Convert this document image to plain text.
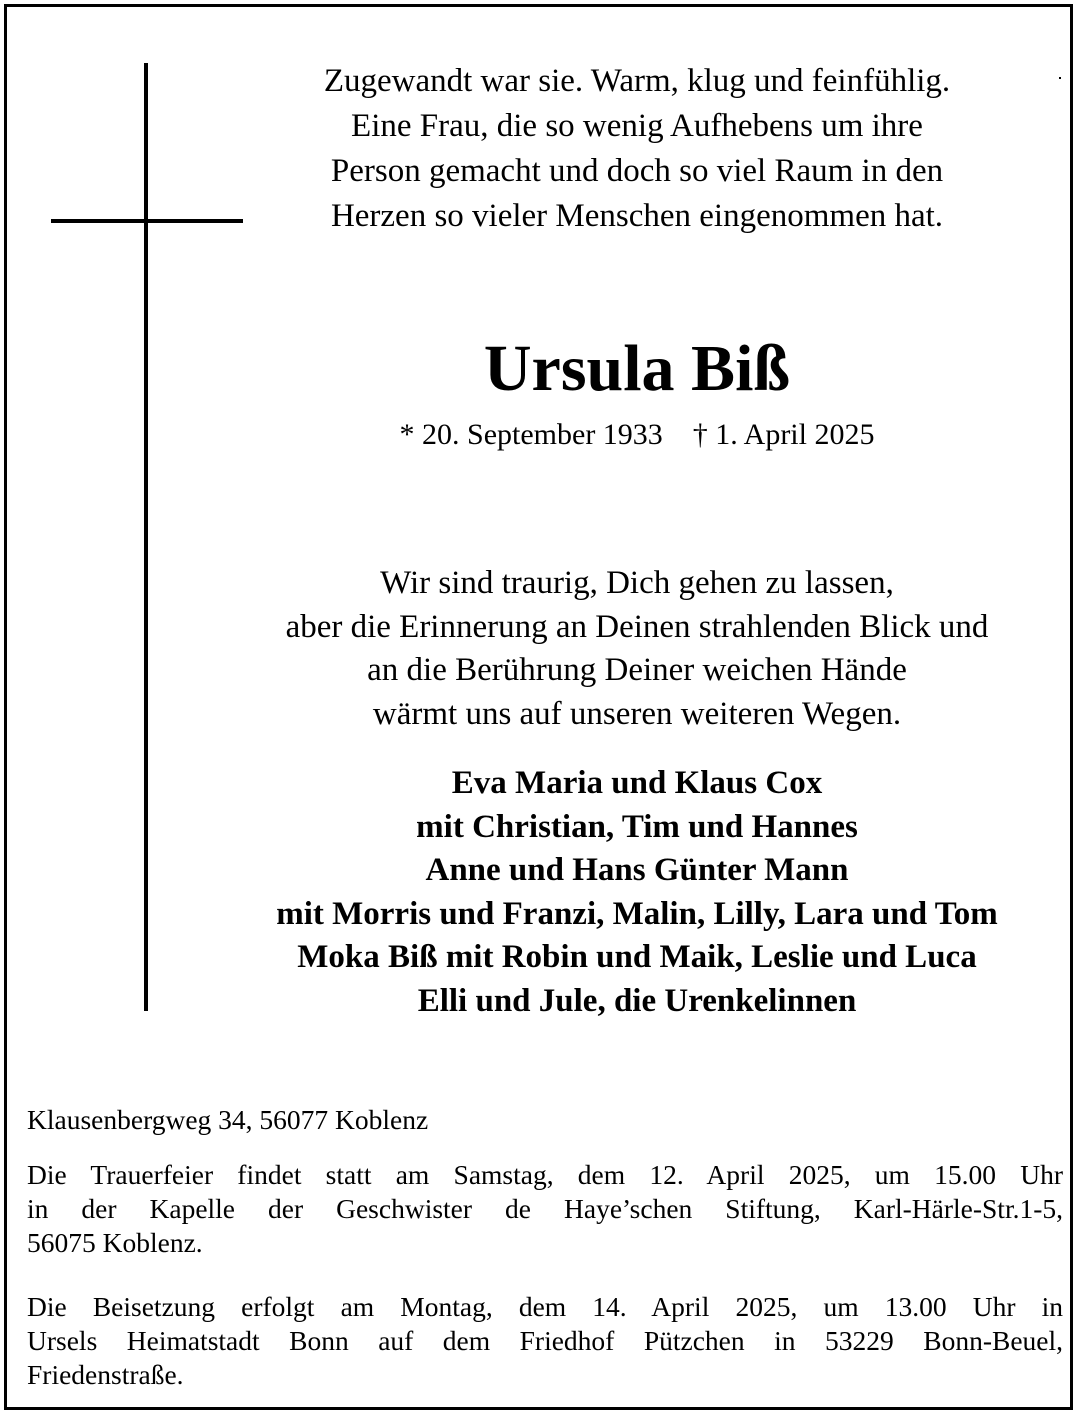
Zugewandt war sie. Warm, klug und feinfühlig.
Eine Frau, die so wenig Aufhebens um ihre
Person gemacht und doch so viel Raum in den
Herzen so vieler Menschen eingenommen hat.
Ursula Biß
* 20. September 1933    † 1. April 2025
Wir sind traurig, Dich gehen zu lassen,
aber die Erinnerung an Deinen strahlenden Blick und
an die Berührung Deiner weichen Hände
wärmt uns auf unseren weiteren Wegen.
Eva Maria und Klaus Cox
mit Christian, Tim und Hannes
Anne und Hans Günter Mann
mit Morris und Franzi, Malin, Lilly, Lara und Tom
Moka Biß mit Robin und Maik, Leslie und Luca
Elli und Jule, die Urenkelinnen
Klausenbergweg 34, 56077 Koblenz
Die Trauerfeier findet statt am Samstag, dem 12. April 2025, um 15.00 Uhr
in der Kapelle der Geschwister de Haye’schen Stiftung, Karl-Härle-Str.1-5,
56075 Koblenz.
Die Beisetzung erfolgt am Montag, dem 14. April 2025, um 13.00 Uhr in
Ursels Heimatstadt Bonn auf dem Friedhof Pützchen in 53229 Bonn-Beuel,
Friedenstraße.
